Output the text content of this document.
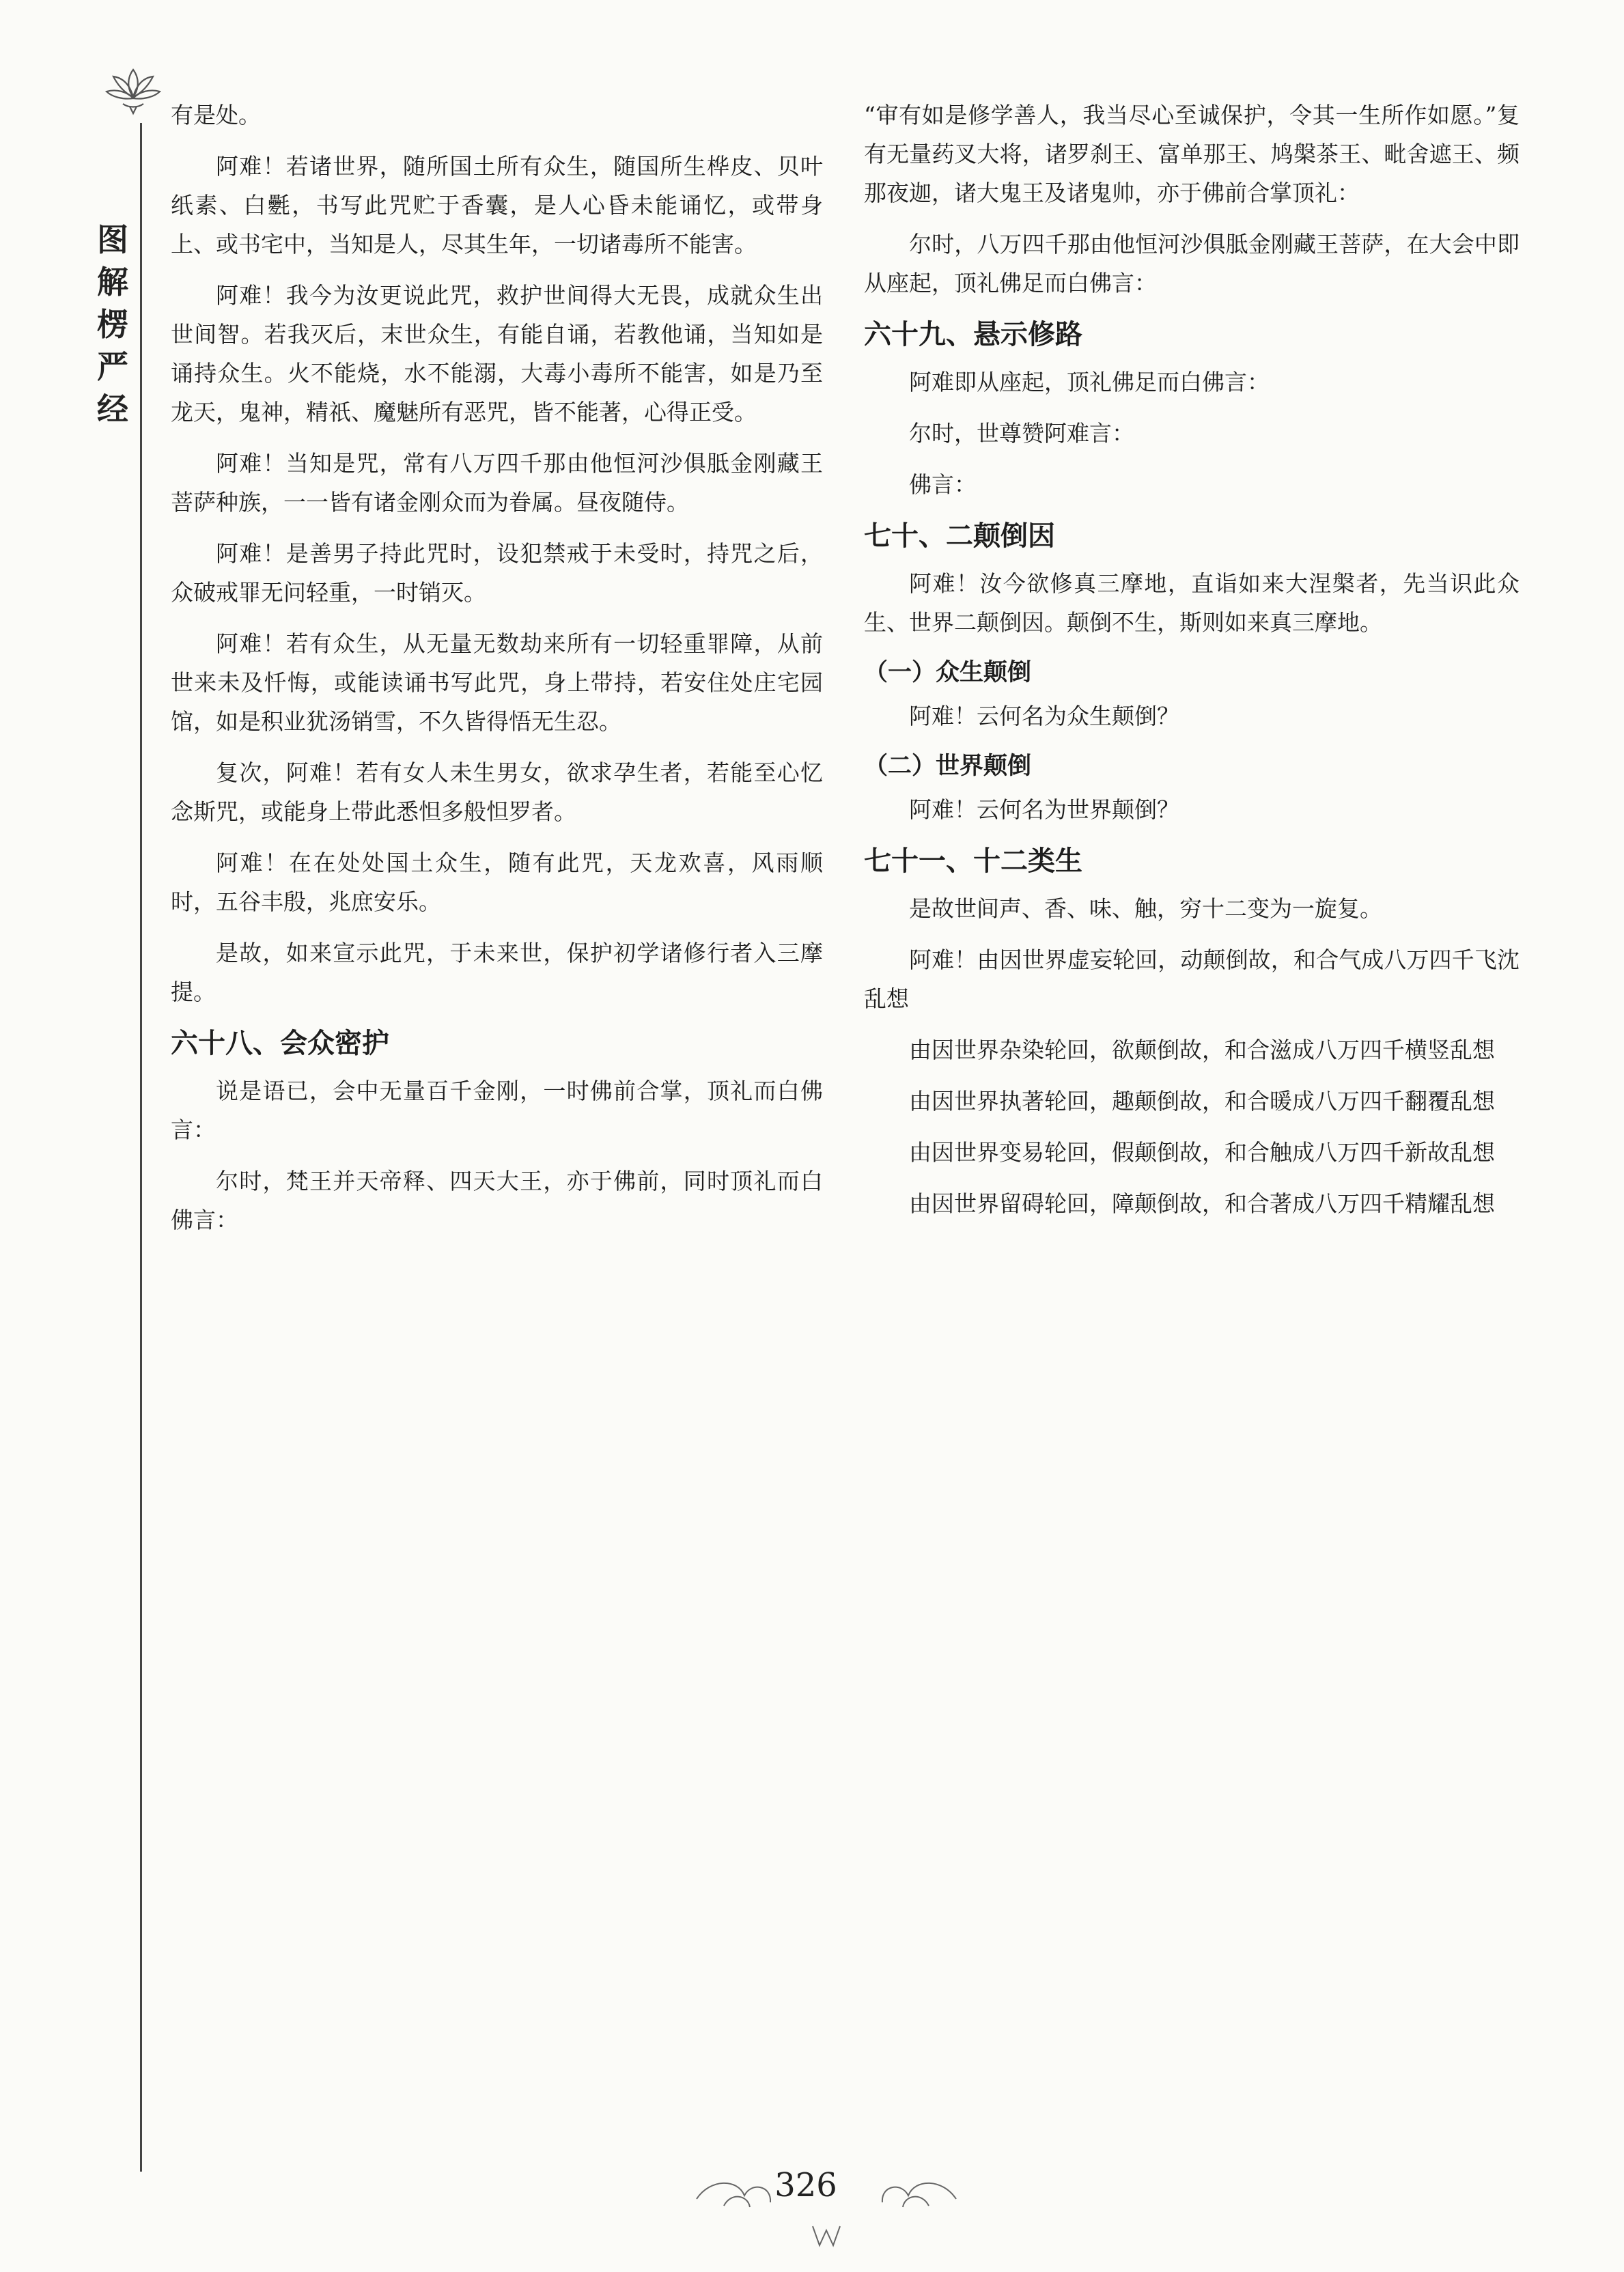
图解楞严经

有是处。

阿难！若诸世界，随所国土所有众生，随国所生桦皮、贝叶纸素、白氎，书写此咒贮于香囊，是人心昏未能诵忆，或带身上、或书宅中，当知是人，尽其生年，一切诸毒所不能害。

阿难！我今为汝更说此咒，救护世间得大无畏，成就众生出世间智。若我灭后，末世众生，有能自诵，若教他诵，当知如是诵持众生。火不能烧，水不能溺，大毒小毒所不能害，如是乃至龙天，鬼神，精祇、魔魅所有恶咒，皆不能著，心得正受。

阿难！当知是咒，常有八万四千那由他恒河沙俱胝金刚藏王菩萨种族，一一皆有诸金刚众而为眷属。昼夜随侍。

阿难！是善男子持此咒时，设犯禁戒于未受时，持咒之后，众破戒罪无问轻重，一时销灭。

阿难！若有众生，从无量无数劫来所有一切轻重罪障，从前世来未及忏悔，或能读诵书写此咒，身上带持，若安住处庄宅园馆，如是积业犹汤销雪，不久皆得悟无生忍。

复次，阿难！若有女人未生男女，欲求孕生者，若能至心忆念斯咒，或能身上带此悉怛多般怛罗者。

阿难！在在处处国土众生，随有此咒，天龙欢喜，风雨顺时，五谷丰殷，兆庶安乐。

是故，如来宣示此咒，于未来世，保护初学诸修行者入三摩提。

六十八、会众密护

说是语已，会中无量百千金刚，一时佛前合掌，顶礼而白佛言：

尔时，梵王并天帝释、四天大王，亦于佛前，同时顶礼而白佛言：

“审有如是修学善人，我当尽心至诚保护，令其一生所作如愿。”复有无量药叉大将，诸罗刹王、富单那王、鸠槃茶王、毗舍遮王、频那夜迦，诸大鬼王及诸鬼帅，亦于佛前合掌顶礼：

尔时，八万四千那由他恒河沙俱胝金刚藏王菩萨，在大会中即从座起，顶礼佛足而白佛言：

六十九、悬示修路

阿难即从座起，顶礼佛足而白佛言：

尔时，世尊赞阿难言：

佛言：

七十、二颠倒因

阿难！汝今欲修真三摩地，直诣如来大涅槃者，先当识此众生、世界二颠倒因。颠倒不生，斯则如来真三摩地。

（一）众生颠倒

阿难！云何名为众生颠倒？

（二）世界颠倒

阿难！云何名为世界颠倒？

七十一、十二类生

是故世间声、香、味、触，穷十二变为一旋复。

阿难！由因世界虚妄轮回，动颠倒故，和合气成八万四千飞沈乱想

由因世界杂染轮回，欲颠倒故，和合滋成八万四千横竖乱想

由因世界执著轮回，趣颠倒故，和合暖成八万四千翻覆乱想

由因世界变易轮回，假颠倒故，和合触成八万四千新故乱想

由因世界留碍轮回，障颠倒故，和合著成八万四千精耀乱想

326
